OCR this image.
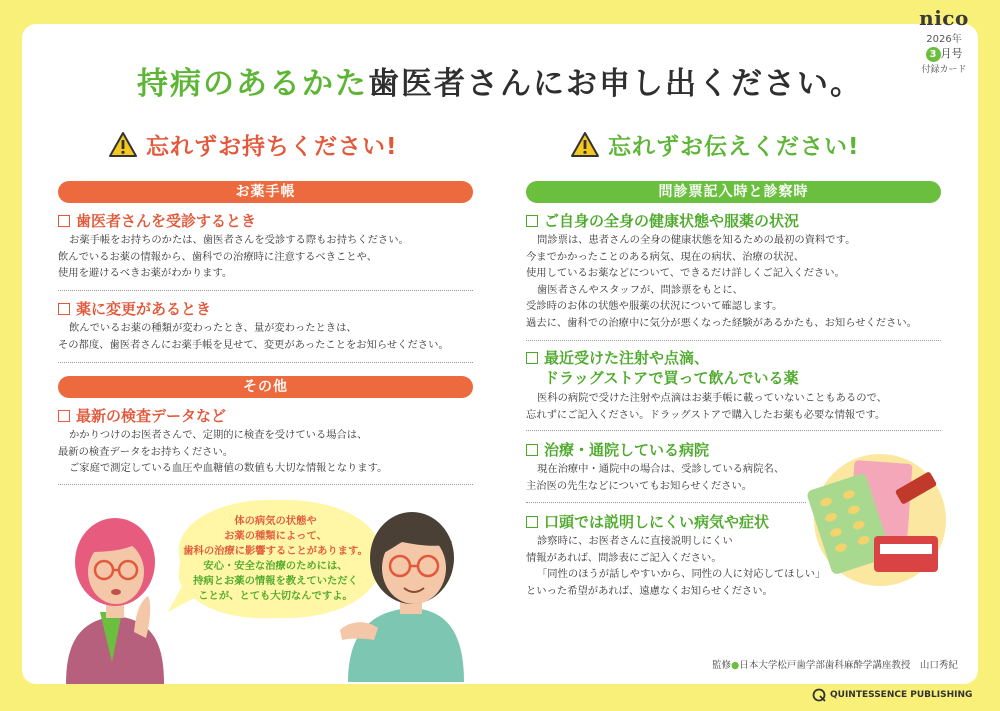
nico
2026年
3 月号
付録カード
持病のあるかた歯医者さんにお申し出ください。
忘れずお持ちください!	忘れずお伝えください!
お薬手帳
歯医者さんを受診するとき

お薬手帳をお持ちのかたは、歯医者さんを受診する際もお持ちください。

飲んでいるお薬の情報から、歯科での治療時に注意するべきことや、

使用を避けるべきお薬がわかります。

薬に変更があるとき

飲んでいるお薬の種類が変わったとき、量が変わったときは、

その都度、歯医者さんにお薬手帳を見せて、変更があったことをお知らせください。

その他
最新の検査データなど

かかりつけのお医者さんで、定期的に検査を受けている場合は、

最新の検査データをお持ちください。

ご家庭で測定している血圧や血糖値の数値も大切な情報となります。

体の病気の状態や

お薬の種類によって、

歯科の治療に影響することがあります。

安心・安全な治療のためには、

持病とお薬の情報を教えていただく

ことが、とても大切なんですよ。

問診票記入時と診察時
ご自身の全身の健康状態や服薬の状況

問診票は、患者さんの全身の健康状態を知るための最初の資料です。

今までかかったことのある病気、現在の病状、治療の状況、

使用しているお薬などについて、できるだけ詳しくご記入ください。

歯医者さんやスタッフが、問診票をもとに、

受診時のお体の状態や服薬の状況について確認します。

過去に、歯科での治療中に気分が悪くなった経験があるかたも、お知らせください。

最近受けた注射や点滴、
ドラッグストアで買って飲んでいる薬

医科の病院で受けた注射や点滴はお薬手帳に載っていないこともあるので、

忘れずにご記入ください。ドラッグストアで購入したお薬も必要な情報です。

治療・通院している病院

現在治療中・通院中の場合は、受診している病院名、

主治医の先生などについてもお知らせください。

口頭では説明しにくい病気や症状

診察時に、お医者さんに直接説明しにくい

情報があれば、問診表にご記入ください。

「同性のほうが話しやすいから、同性の人に対応してほしい」

といった希望があれば、遠慮なくお知らせください。

監修●日本大学松戸歯学部歯科麻酔学講座教授　山口秀紀
QUINTESSENCE PUBLISHING
